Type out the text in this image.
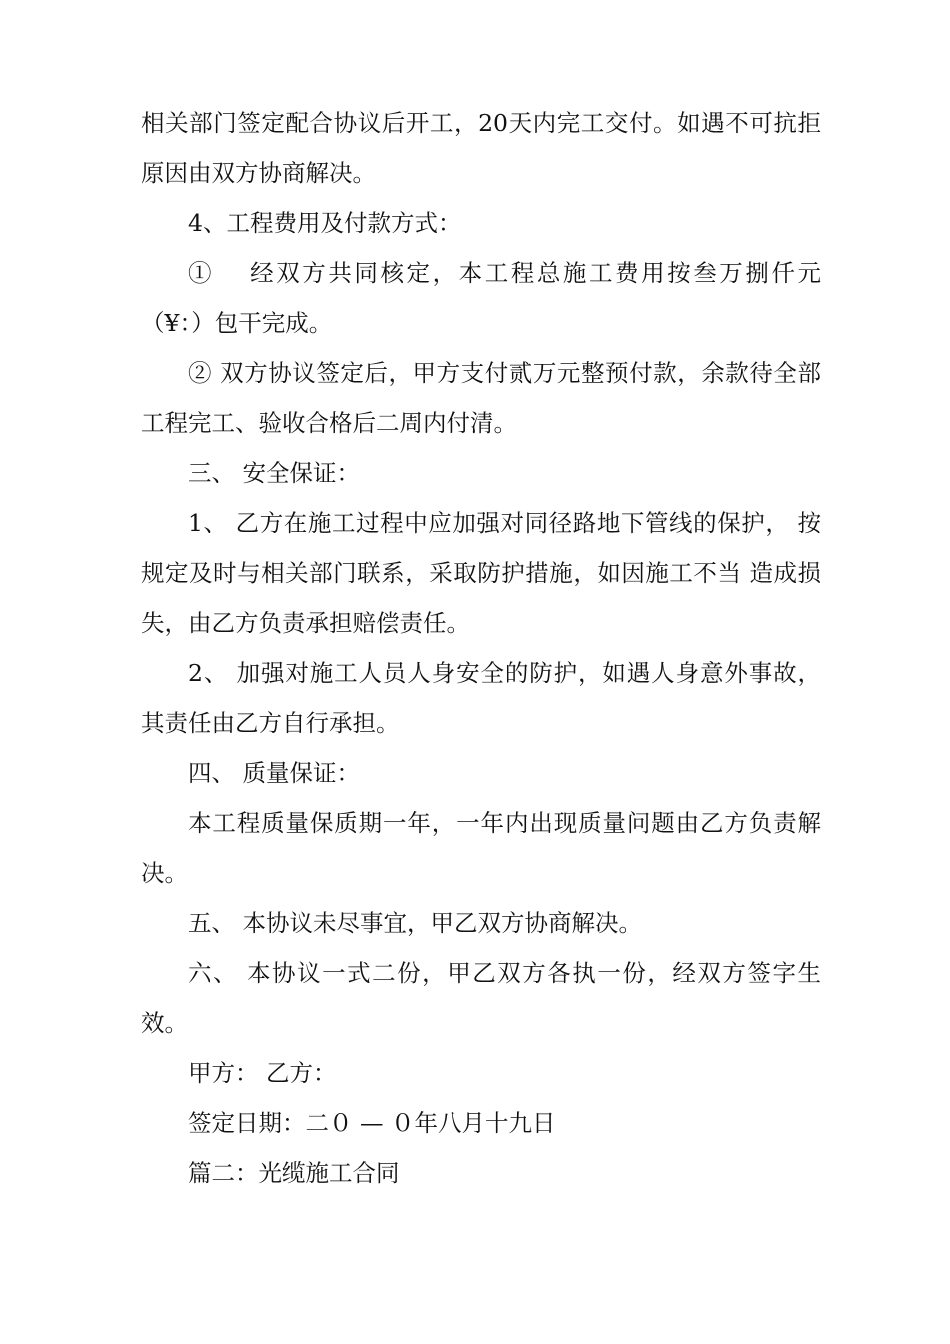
相关部门签定配合协议后开工，20天内完工交付。如遇不可抗拒原因由双方协商解决。

4、工程费用及付款方式：

①　 经双方共同核定，本工程总施工费用按叁万捌仟元（¥：）包干完成。

② 双方协议签定后，甲方支付贰万元整预付款，余款待全部工程完工、验收合格后二周内付清。

三、 安全保证：

1、 乙方在施工过程中应加强对同径路地下管线的保护， 按规定及时与相关部门联系，采取防护措施，如因施工不当 造成损失，由乙方负责承担赔偿责任。

2、 加强对施工人员人身安全的防护，如遇人身意外事故，其责任由乙方自行承担。

四、 质量保证：

本工程质量保质期一年，一年内出现质量问题由乙方负责解决。

五、 本协议未尽事宜，甲乙双方协商解决。

六、 本协议一式二份，甲乙双方各执一份，经双方签字生效。

甲方： 乙方：

签定日期：二０ — ０年八月十九日

篇二：光缆施工合同
